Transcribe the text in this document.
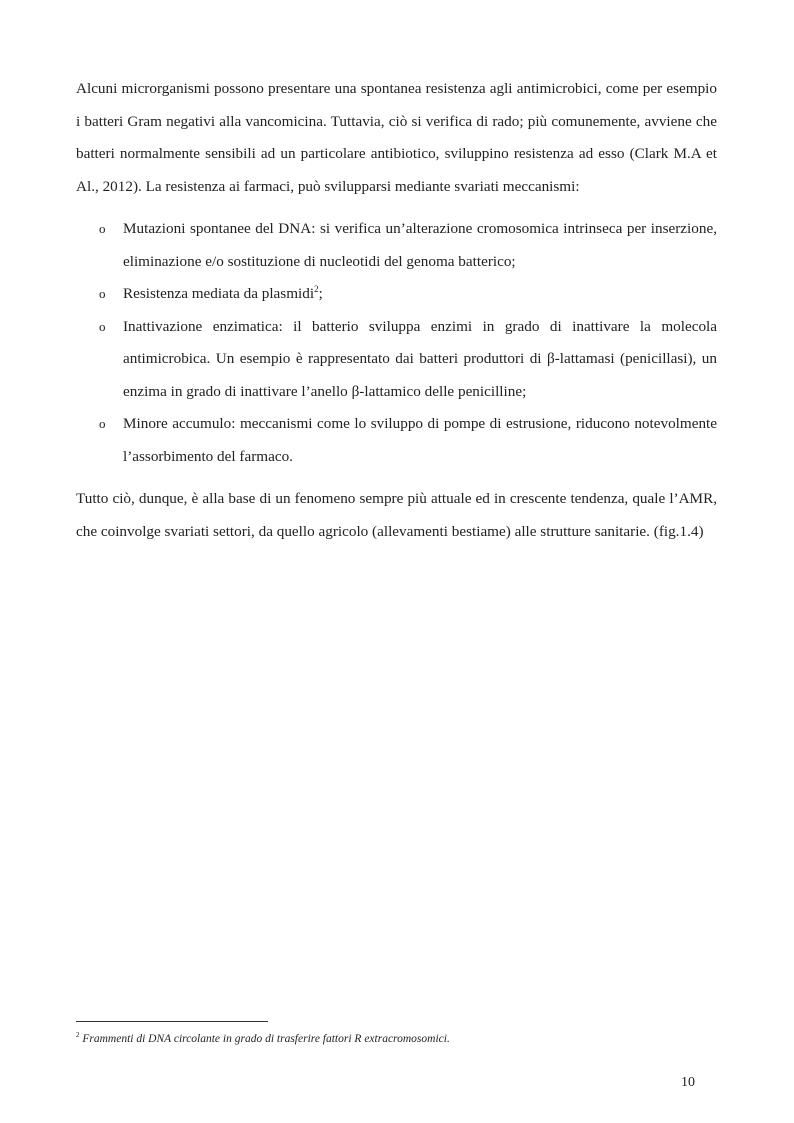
Alcuni microrganismi possono presentare una spontanea resistenza agli antimicrobici, come per esempio i batteri Gram negativi alla vancomicina. Tuttavia, ciò si verifica di rado; più comunemente, avviene che batteri normalmente sensibili ad un particolare antibiotico, sviluppino resistenza ad esso (Clark M.A et Al., 2012). La resistenza ai farmaci, può svilupparsi mediante svariati meccanismi:

o Mutazioni spontanee del DNA: si verifica un’alterazione cromosomica intrinseca per inserzione, eliminazione e/o sostituzione di nucleotidi del genoma batterico;
o Resistenza mediata da plasmidi$^2$;
o Inattivazione enzimatica: il batterio sviluppa enzimi in grado di inattivare la molecola antimicrobica. Un esempio è rappresentato dai batteri produttori di β-lattamasi (penicillasi), un enzima in grado di inattivare l’anello β-lattamico delle penicilline;
o Minore accumulo: meccanismi come lo sviluppo di pompe di estrusione, riducono notevolmente l’assorbimento del farmaco.

Tutto ciò, dunque, è alla base di un fenomeno sempre più attuale ed in crescente tendenza, quale l’AMR, che coinvolge svariati settori, da quello agricolo (allevamenti bestiame) alle strutture sanitarie. (fig.1.4)

$^2$ Frammenti di DNA circolante in grado di trasferire fattori R extracromosomici.
10
